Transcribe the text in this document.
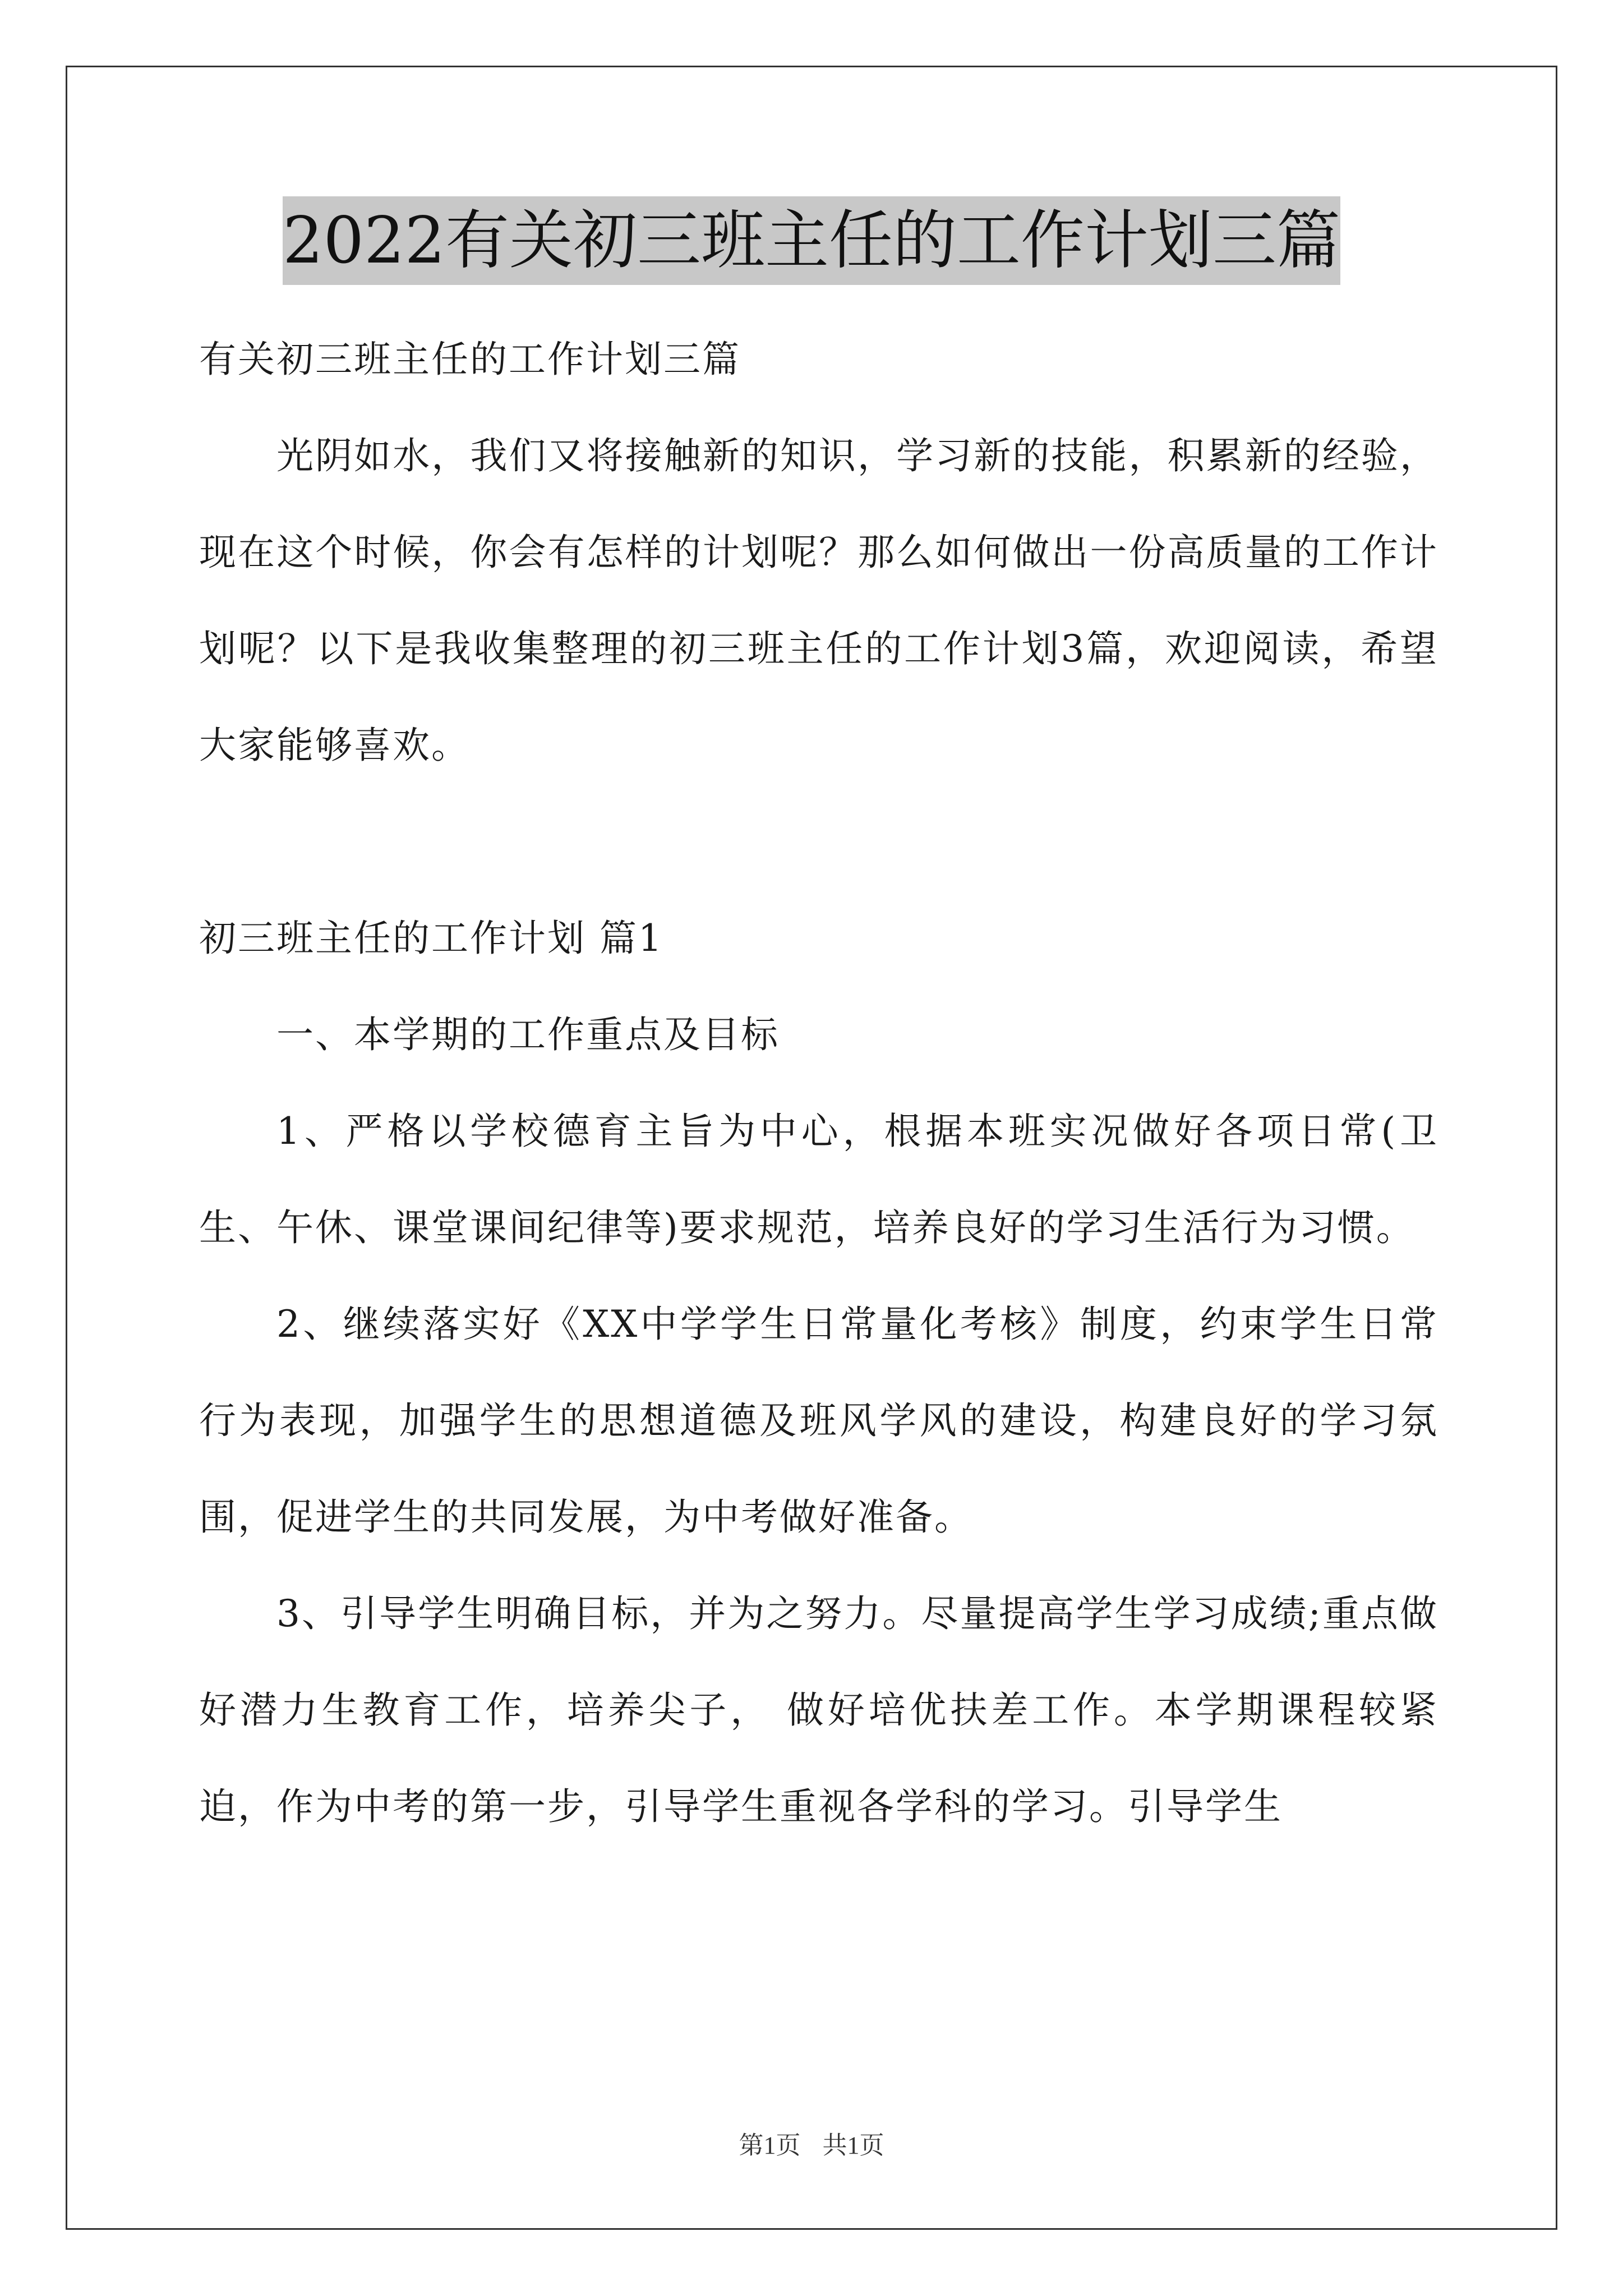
2022有关初三班主任的工作计划三篇

有关初三班主任的工作计划三篇

光阴如水，我们又将接触新的知识，学习新的技能，积累新的经验，现在这个时候，你会有怎样的计划呢？那么如何做出一份高质量的工作计划呢？以下是我收集整理的初三班主任的工作计划3篇，欢迎阅读，希望大家能够喜欢。

初三班主任的工作计划 篇1

一、本学期的工作重点及目标

1、严格以学校德育主旨为中心，根据本班实况做好各项日常(卫生、午休、课堂课间纪律等)要求规范，培养良好的学习生活行为习惯。

2、继续落实好《XX中学学生日常量化考核》制度，约束学生日常行为表现，加强学生的思想道德及班风学风的建设，构建良好的学习氛围，促进学生的共同发展，为中考做好准备。

3、引导学生明确目标，并为之努力。尽量提高学生学习成绩;重点做好潜力生教育工作，培养尖子， 做好培优扶差工作。本学期课程较紧迫，作为中考的第一步，引导学生重视各学科的学习。引导学生

第1页 共1页
